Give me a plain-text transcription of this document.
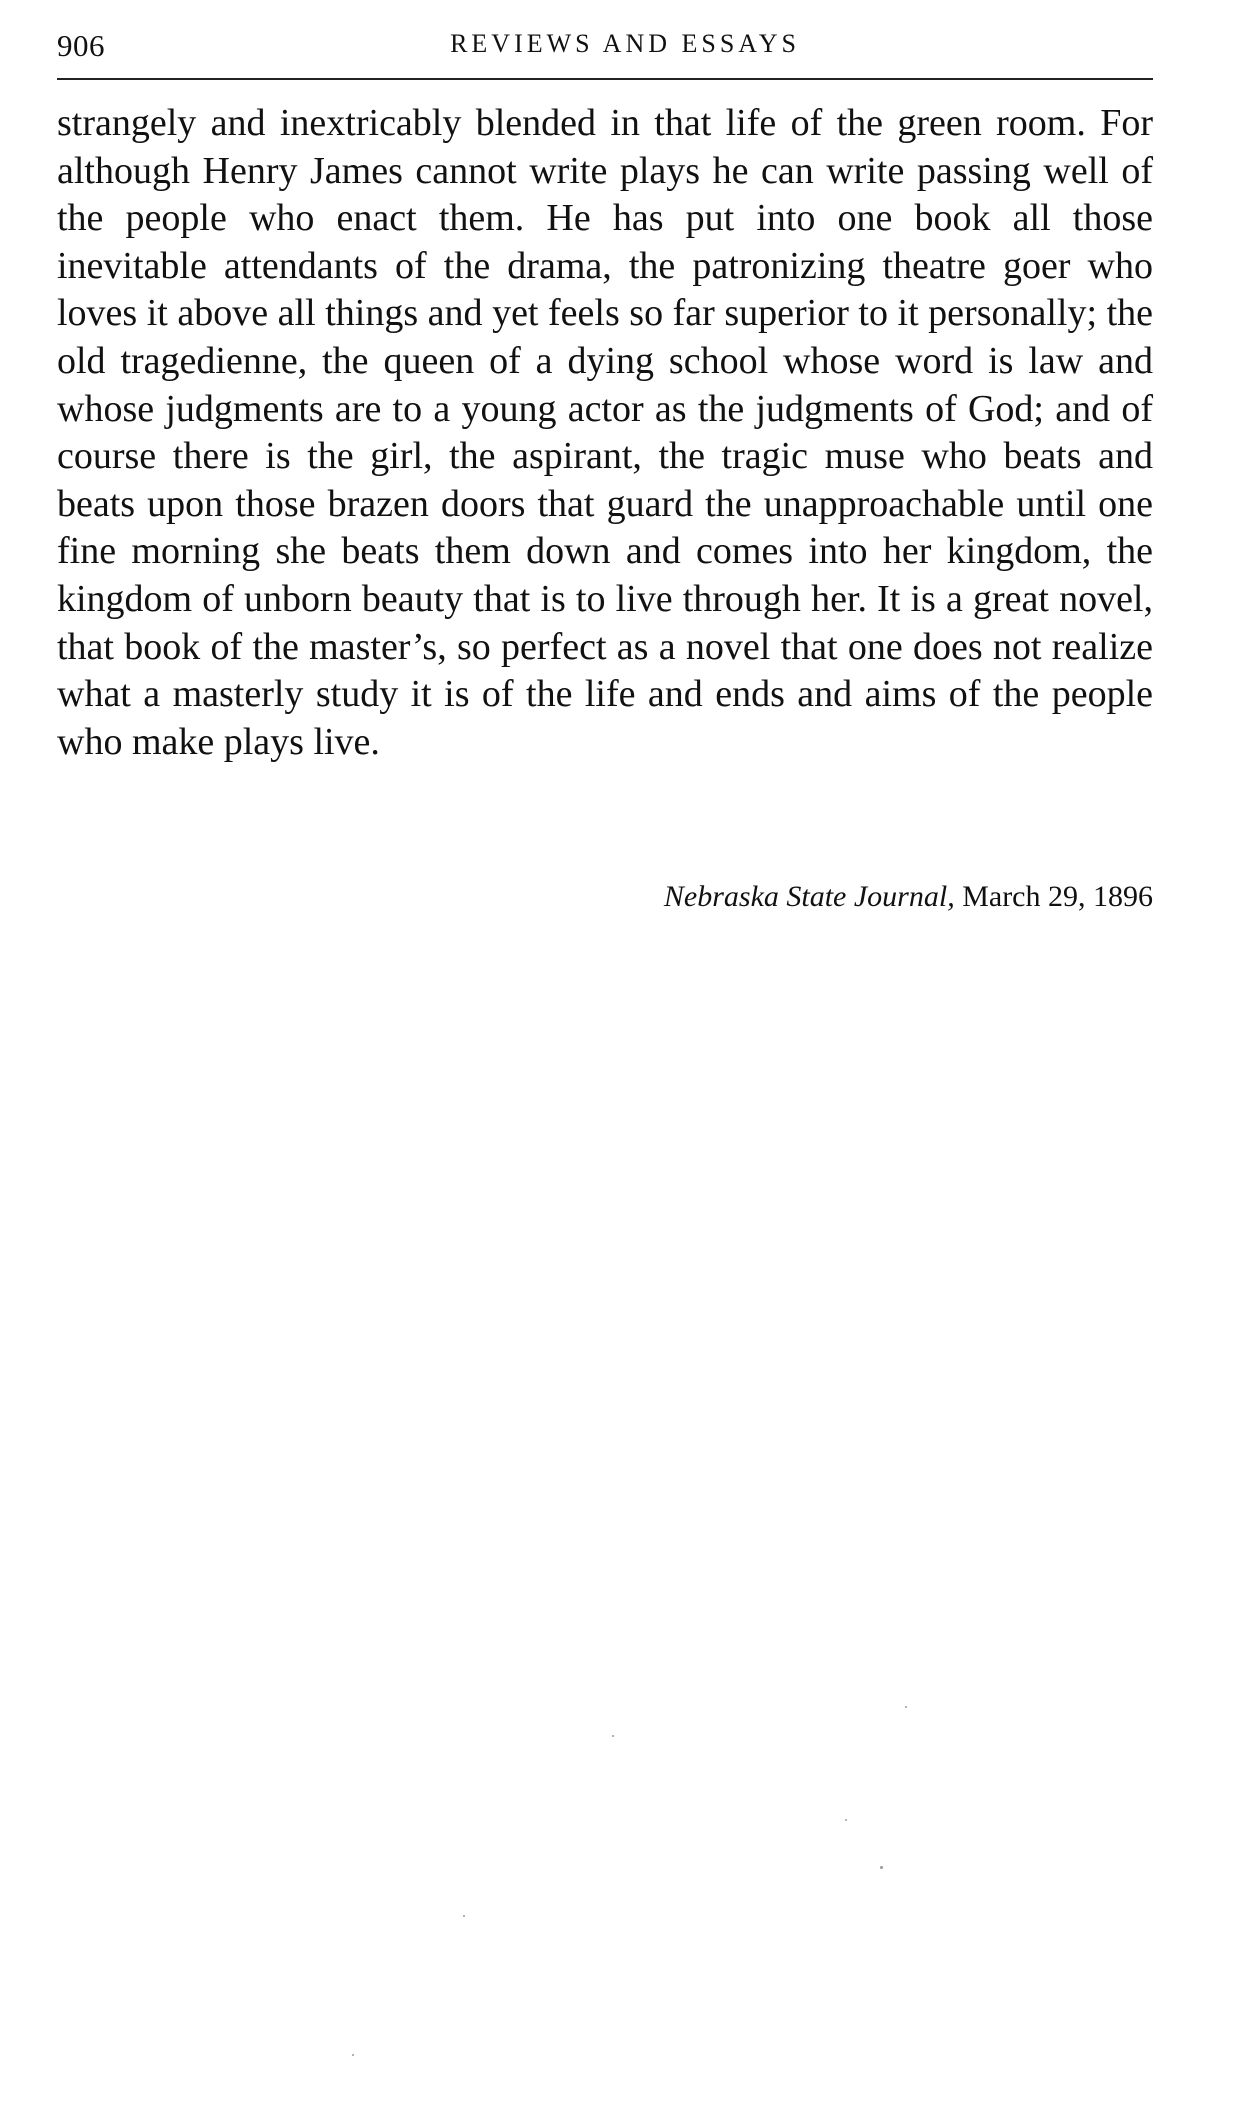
906	REVIEWS AND ESSAYS

strangely and inextricably blended in that life of the green room. For although Henry James cannot write plays he can write passing well of the people who enact them. He has put into one book all those inevitable attendants of the drama, the patronizing theatre goer who loves it above all things and yet feels so far superior to it personally; the old tragedienne, the queen of a dying school whose word is law and whose judgments are to a young actor as the judgments of God; and of course there is the girl, the aspirant, the tragic muse who beats and beats upon those brazen doors that guard the unapproachable until one fine morning she beats them down and comes into her kingdom, the kingdom of unborn beauty that is to live through her. It is a great novel, that book of the master’s, so perfect as a novel that one does not realize what a masterly study it is of the life and ends and aims of the people who make plays live.

Nebraska State Journal, March 29, 1896
